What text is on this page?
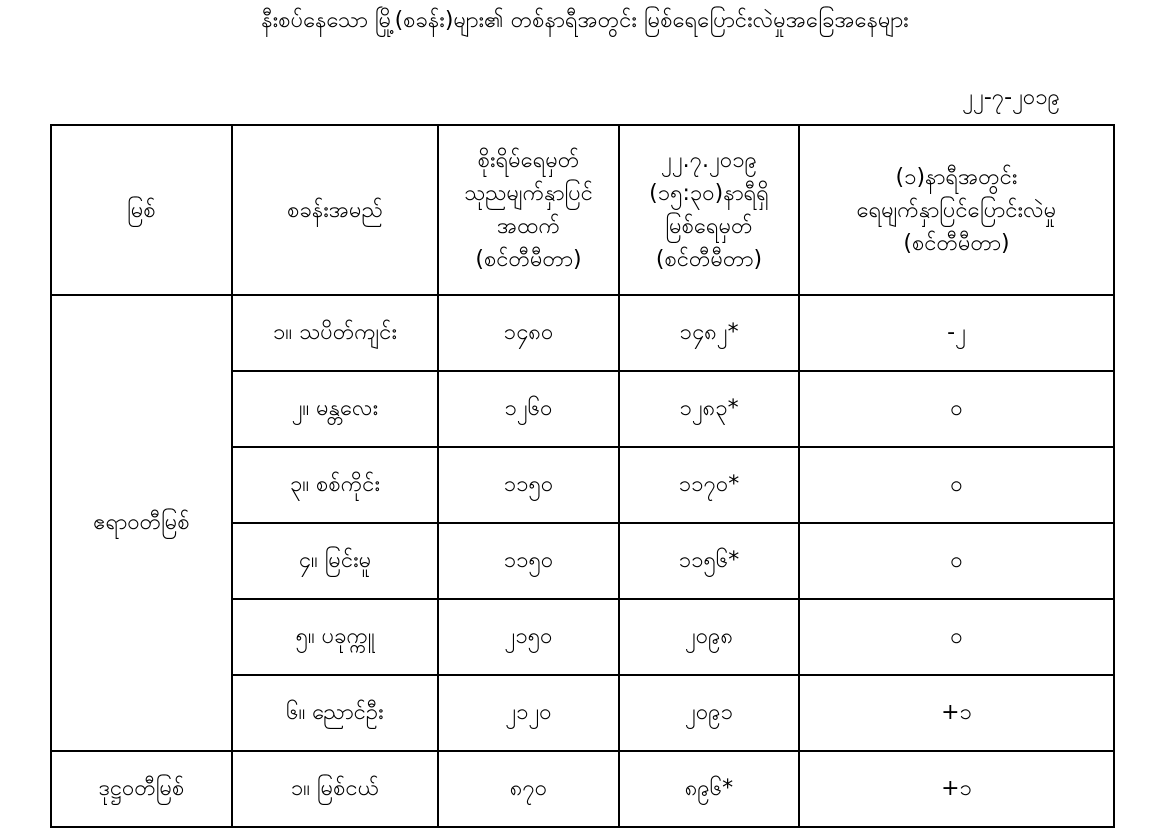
နီးစပ်နေသော မြို့(စခန်း)များ၏ တစ်နာရီအတွင်း မြစ်ရေပြောင်းလဲမှုအခြေအနေများ
၂၂-၇-၂၀၁၉
မြစ်	စခန်းအမည်	စိုးရိမ်ရေမှတ်
သုညမျက်နှာပြင်
အထက်
(စင်တီမီတာ)	၂၂.၇.၂၀၁၉
(၁၅:၃၀)နာရီရှိ
မြစ်ရေမှတ်
(စင်တီမီတာ)	(၁)နာရီအတွင်း
ရေမျက်နှာပြင်ပြောင်းလဲမှု
(စင်တီမီတာ)

ဧရာဝတီမြစ်	၁။ သပိတ်ကျင်း	၁၄၈၀	၁၄၈၂*	-၂
	၂။ မန္တလေး	၁၂၆၀	၁၂၈၃*	၀
	၃။ စစ်ကိုင်း	၁၁၅၀	၁၁၇၀*	၀
	၄။ မြင်းမူ	၁၁၅၀	၁၁၅၆*	၀
	၅။ ပခုက္ကူ	၂၁၅၀	၂၀၉၈	၀
	၆။ ညောင်ဦး	၂၁၂၀	၂၀၉၁	+၁
ဒုဋ္ဌဝတီမြစ်	၁။ မြစ်ငယ်	၈၇၀	၈၉၆*	+၁
